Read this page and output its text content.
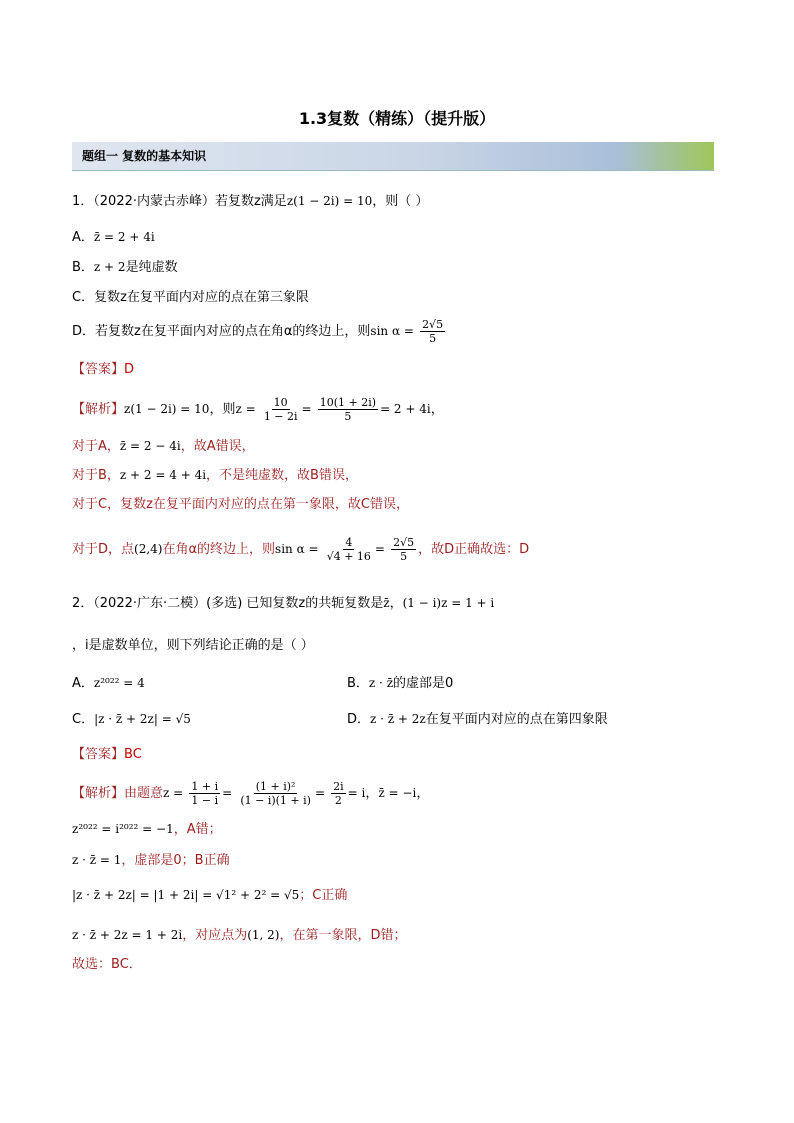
1.3复数（精练）（提升版）
题组一 复数的基本知识
1．（2022·内蒙古赤峰）若复数z满足z(1 − 2i) = 10，则（ ）
A．z̄ = 2 + 4i
B．z + 2是纯虚数
C．复数z在复平面内对应的点在第三象限
D．若复数z在复平面内对应的点在角α的终边上，则$\sin \alpha = \frac{2√5}{5}$
【答案】D
【解析】z(1 − 2i) = 10，则$z = \frac{10}{1 - 2i} = \frac{10(1 + 2i)}{5} = 2 + 4i$，
对于A，z̄ = 2 − 4i，故A错误，
对于B，z + 2 = 4 + 4i，不是纯虚数，故B错误，
对于C，复数z在复平面内对应的点在第一象限，故C错误，
对于D，点(2,4)在角α的终边上，则$\sin \alpha = \frac{4}{√4 + 16} = \frac{2√5}{5}$ ，故D正确故选：D
2．（2022·广东·二模）(多选) 已知复数z的共轭复数是z̄，(1 − i)z = 1 + i
，i是虚数单位，则下列结论正确的是（ ）
A．z²⁰²² = 4	B．z · z̄的虚部是0
C．|z · z̄ + 2z| = √5	D．z · z̄ + 2z在复平面内对应的点在第四象限
【答案】BC
【解析】由题意$z = \frac{1 + i}{1 - i} = \frac{\text{(1 + i)²}}{(1 - i)(1 + i)} = \frac{2i}{2} = i$，z̄ = −i，
z²⁰²² = i²⁰²² = −1，A错；
z · z̄ = 1，虚部是0；B正确
|z · z̄ + 2z| = |1 + 2i| = √1² + 2² = √5；C正确
z · z̄ + 2z = 1 + 2i，对应点为(1, 2)，在第一象限，D错；
故选：BC．
